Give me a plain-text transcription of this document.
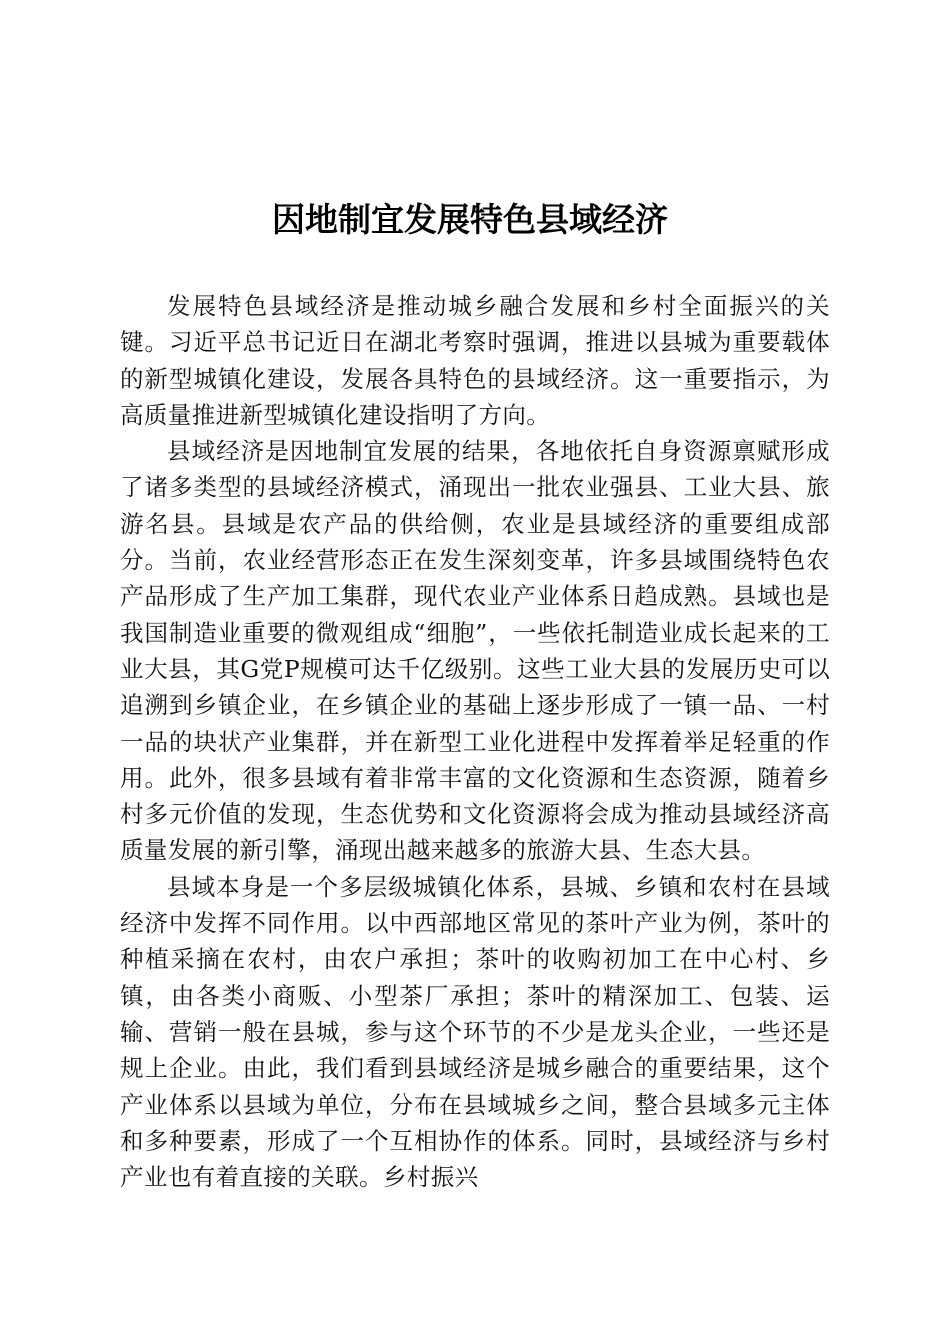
因地制宜发展特色县域经济

发展特色县域经济是推动城乡融合发展和乡村全面振兴的关键。习近平总书记近日在湖北考察时强调，推进以县城为重要载体的新型城镇化建设，发展各具特色的县域经济。这一重要指示，为高质量推进新型城镇化建设指明了方向。

县域经济是因地制宜发展的结果，各地依托自身资源禀赋形成了诸多类型的县域经济模式，涌现出一批农业强县、工业大县、旅游名县。县域是农产品的供给侧，农业是县域经济的重要组成部分。当前，农业经营形态正在发生深刻变革，许多县域围绕特色农产品形成了生产加工集群，现代农业产业体系日趋成熟。县域也是我国制造业重要的微观组成“细胞”，一些依托制造业成长起来的工业大县，其G党P规模可达千亿级别。这些工业大县的发展历史可以追溯到乡镇企业，在乡镇企业的基础上逐步形成了一镇一品、一村一品的块状产业集群，并在新型工业化进程中发挥着举足轻重的作用。此外，很多县域有着非常丰富的文化资源和生态资源，随着乡村多元价值的发现，生态优势和文化资源将会成为推动县域经济高质量发展的新引擎，涌现出越来越多的旅游大县、生态大县。

县域本身是一个多层级城镇化体系，县城、乡镇和农村在县域经济中发挥不同作用。以中西部地区常见的茶叶产业为例，茶叶的种植采摘在农村，由农户承担；茶叶的收购初加工在中心村、乡镇，由各类小商贩、小型茶厂承担；茶叶的精深加工、包装、运输、营销一般在县城，参与这个环节的不少是龙头企业，一些还是规上企业。由此，我们看到县域经济是城乡融合的重要结果，这个产业体系以县域为单位，分布在县域城乡之间，整合县域多元主体和多种要素，形成了一个互相协作的体系。同时，县域经济与乡村产业也有着直接的关联。乡村振兴
